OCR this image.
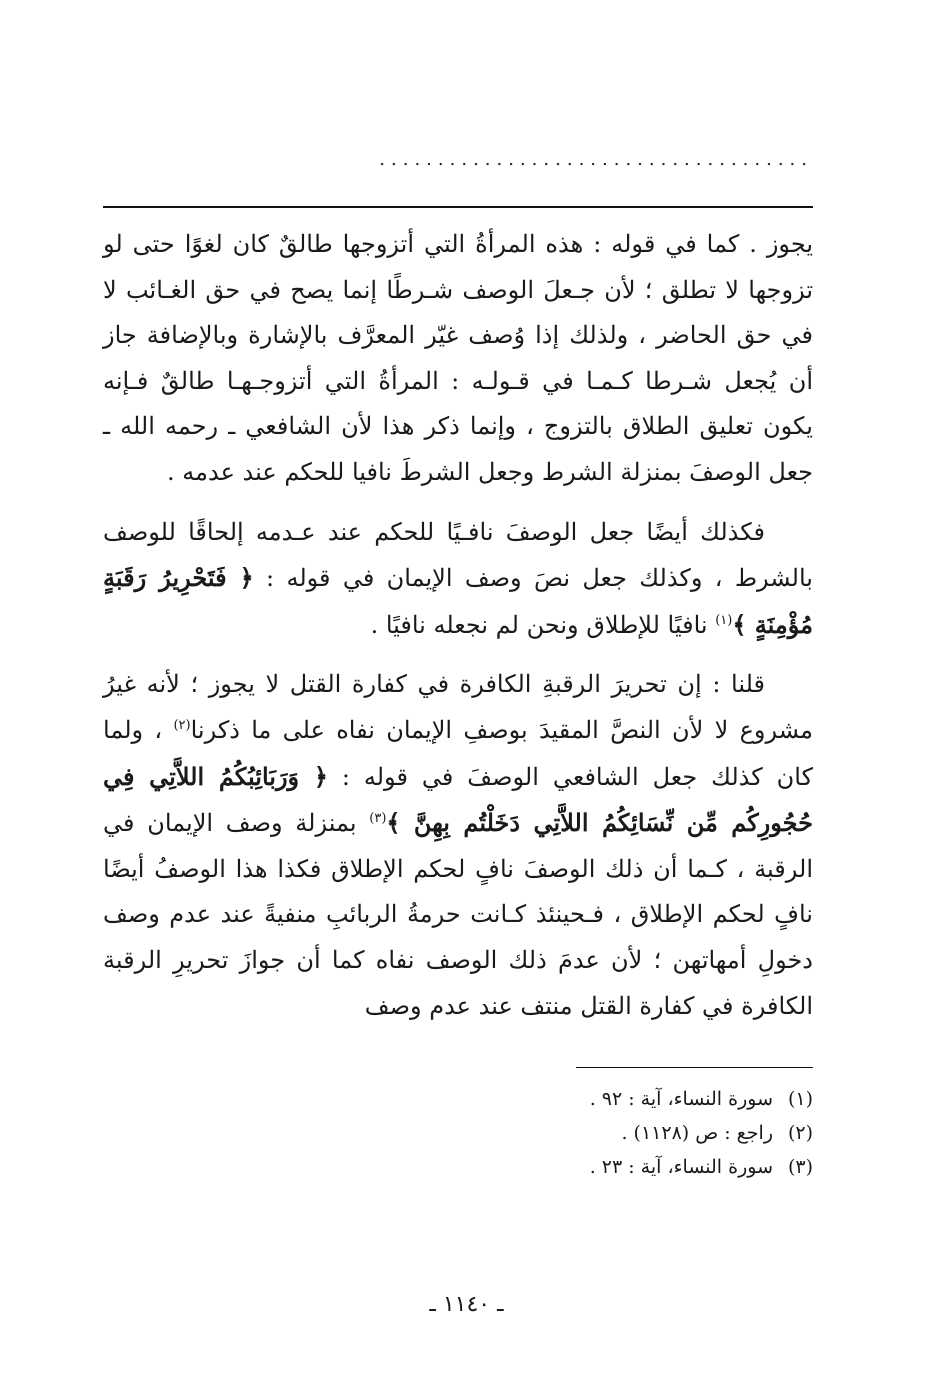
.....................................

يجوز . كما في قوله : هذه المرأةُ التي أتزوجها طالقٌ كان لغوًا حتى لو تزوجها لا تطلق ؛ لأن جـعلَ الوصف شـرطًا إنما يصح في حق الغـائب لا في حق الحاضر ، ولذلك إذا وُصف غيّر المعرَّف بالإشارة وبالإضافة جاز أن يُجعل شـرطا كـمـا في قـولـه : المرأةُ التي أتزوجـهـا طالقٌ فـإنه يكون تعليق الطلاق بالتزوج ، وإنما ذكر هذا لأن الشافعي ـ رحمه الله ـ جعل الوصفَ بمنزلة الشرط وجعل الشرطَ نافيا للحكم عند عدمه .

فكذلك أيضًا جعل الوصفَ نافـيًا للحكم عند عـدمه إلحاقًا للوصف بالشرط ، وكذلك جعل نصَ وصف الإيمان في قوله : ﴿ فَتَحْرِيرُ رَقَبَةٍ مُؤْمِنَةٍ ﴾$^{(١)}$ نافيًا للإطلاق ونحن لم نجعله نافيًا .

قلنا : إن تحريرَ الرقبةِ الكافرة في كفارة القتل لا يجوز ؛ لأنه غيرُ مشروع لا لأن النصَّ المقيدَ بوصفِ الإيمان نفاه على ما ذكرنا$^{(٢)}$ ، ولما كان كذلك جعل الشافعي الوصفَ في قوله : ﴿ وَرَبَائِبُكُمُ اللاَّتِي فِي حُجُورِكُم مِّن نِّسَائِكُمُ اللاَّتِي دَخَلْتُم بِهِنَّ ﴾$^{(٣)}$ بمنزلة وصف الإيمان في الرقبة ، كـما أن ذلك الوصفَ نافٍ لحكم الإطلاق فكذا هذا الوصفُ أيضًا نافٍ لحكم الإطلاق ، فـحينئذ كـانت حرمةُ الربائبِ منفيةً عند عدم وصف دخولِ أمهاتهن ؛ لأن عدمَ ذلك الوصف نفاه كما أن جوازَ تحريرِ الرقبة الكافرة في كفارة القتل منتف عند عدم وصف

(١)سورة النساء، آية : ٩٢ .
(٢)راجع : ص (١١٢٨) .
(٣)سورة النساء، آية : ٢٣ .
ـ ١١٤٠ ـ
